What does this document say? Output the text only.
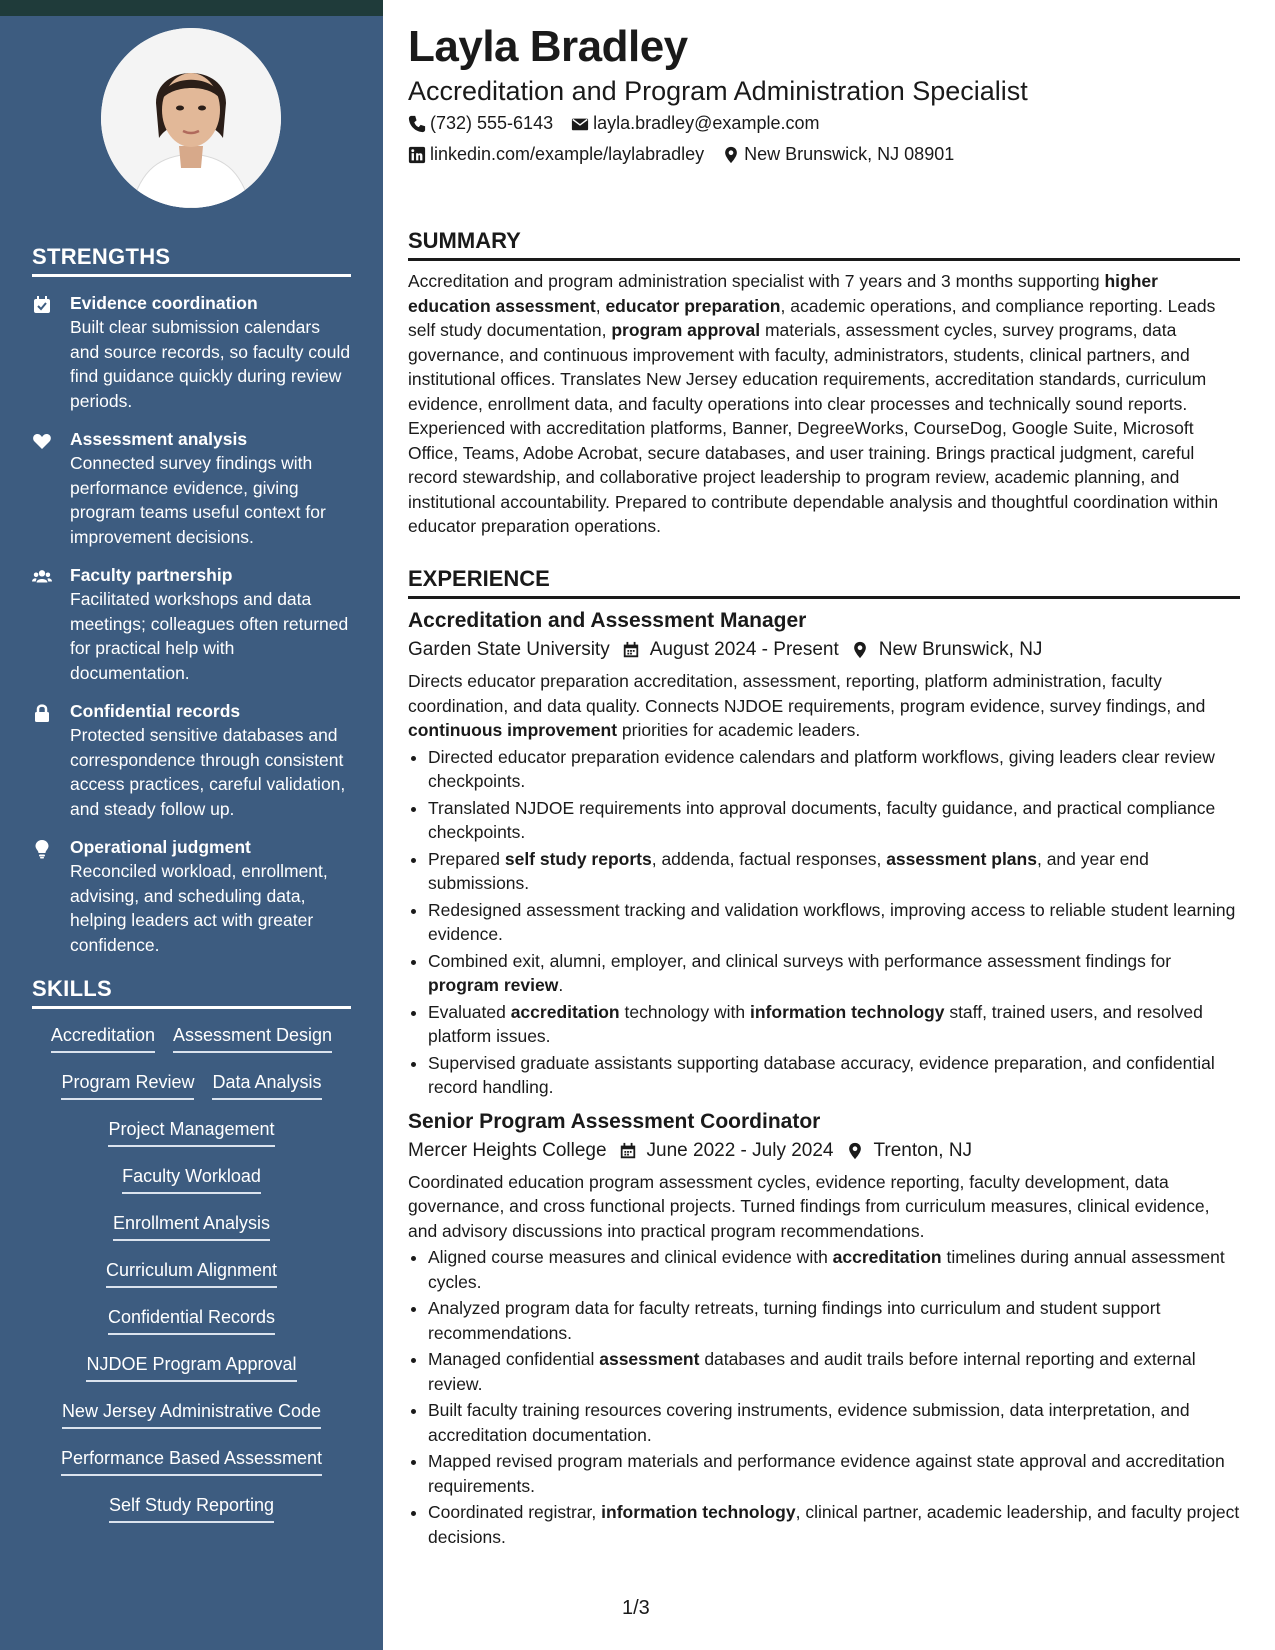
STRENGTHS
Evidence coordination
Built clear submission calendars and source records, so faculty could find guidance quickly during review periods.
Assessment analysis
Connected survey findings with performance evidence, giving program teams useful context for improvement decisions.
Faculty partnership
Facilitated workshops and data meetings; colleagues often returned for practical help with documentation.
Confidential records
Protected sensitive databases and correspondence through consistent access practices, careful validation, and steady follow up.
Operational judgment
Reconciled workload, enrollment, advising, and scheduling data, helping leaders act with greater confidence.
SKILLS
Accreditation Assessment Design
Program Review Data Analysis
Project Management
Faculty Workload
Enrollment Analysis
Curriculum Alignment
Confidential Records
NJDOE Program Approval
New Jersey Administrative Code
Performance Based Assessment
Self Study Reporting
Layla Bradley
Accreditation and Program Administration Specialist
(732) 555-6143 layla.bradley@example.com
linkedin.com/example/laylabradley New Brunswick, NJ 08901
SUMMARY

Accreditation and program administration specialist with 7 years and 3 months supporting higher education assessment, educator preparation, academic operations, and compliance reporting. Leads self study documentation, program approval materials, assessment cycles, survey programs, data governance, and continuous improvement with faculty, administrators, students, clinical partners, and institutional offices. Translates New Jersey education requirements, accreditation standards, curriculum evidence, enrollment data, and faculty operations into clear processes and technically sound reports. Experienced with accreditation platforms, Banner, DegreeWorks, CourseDog, Google Suite, Microsoft Office, Teams, Adobe Acrobat, secure databases, and user training. Brings practical judgment, careful record stewardship, and collaborative project leadership to program review, academic planning, and institutional accountability. Prepared to contribute dependable analysis and thoughtful coordination within educator preparation operations.

EXPERIENCE
Accreditation and Assessment Manager
Garden State University August 2024 - Present New Brunswick, NJ

Directs educator preparation accreditation, assessment, reporting, platform administration, faculty coordination, and data quality. Connects NJDOE requirements, program evidence, survey findings, and continuous improvement priorities for academic leaders.

• Directed educator preparation evidence calendars and platform workflows, giving leaders clear review checkpoints.
• Translated NJDOE requirements into approval documents, faculty guidance, and practical compliance checkpoints.
• Prepared self study reports, addenda, factual responses, assessment plans, and year end submissions.
• Redesigned assessment tracking and validation workflows, improving access to reliable student learning evidence.
• Combined exit, alumni, employer, and clinical surveys with performance assessment findings for program review.
• Evaluated accreditation technology with information technology staff, trained users, and resolved platform issues.
• Supervised graduate assistants supporting database accuracy, evidence preparation, and confidential record handling.
Senior Program Assessment Coordinator
Mercer Heights College June 2022 - July 2024 Trenton, NJ

Coordinated education program assessment cycles, evidence reporting, faculty development, data governance, and cross functional projects. Turned findings from curriculum measures, clinical evidence, and advisory discussions into practical program recommendations.

• Aligned course measures and clinical evidence with accreditation timelines during annual assessment cycles.
• Analyzed program data for faculty retreats, turning findings into curriculum and student support recommendations.
• Managed confidential assessment databases and audit trails before internal reporting and external review.
• Built faculty training resources covering instruments, evidence submission, data interpretation, and accreditation documentation.
• Mapped revised program materials and performance evidence against state approval and accreditation requirements.
• Coordinated registrar, information technology, clinical partner, academic leadership, and faculty project decisions.
1/3
